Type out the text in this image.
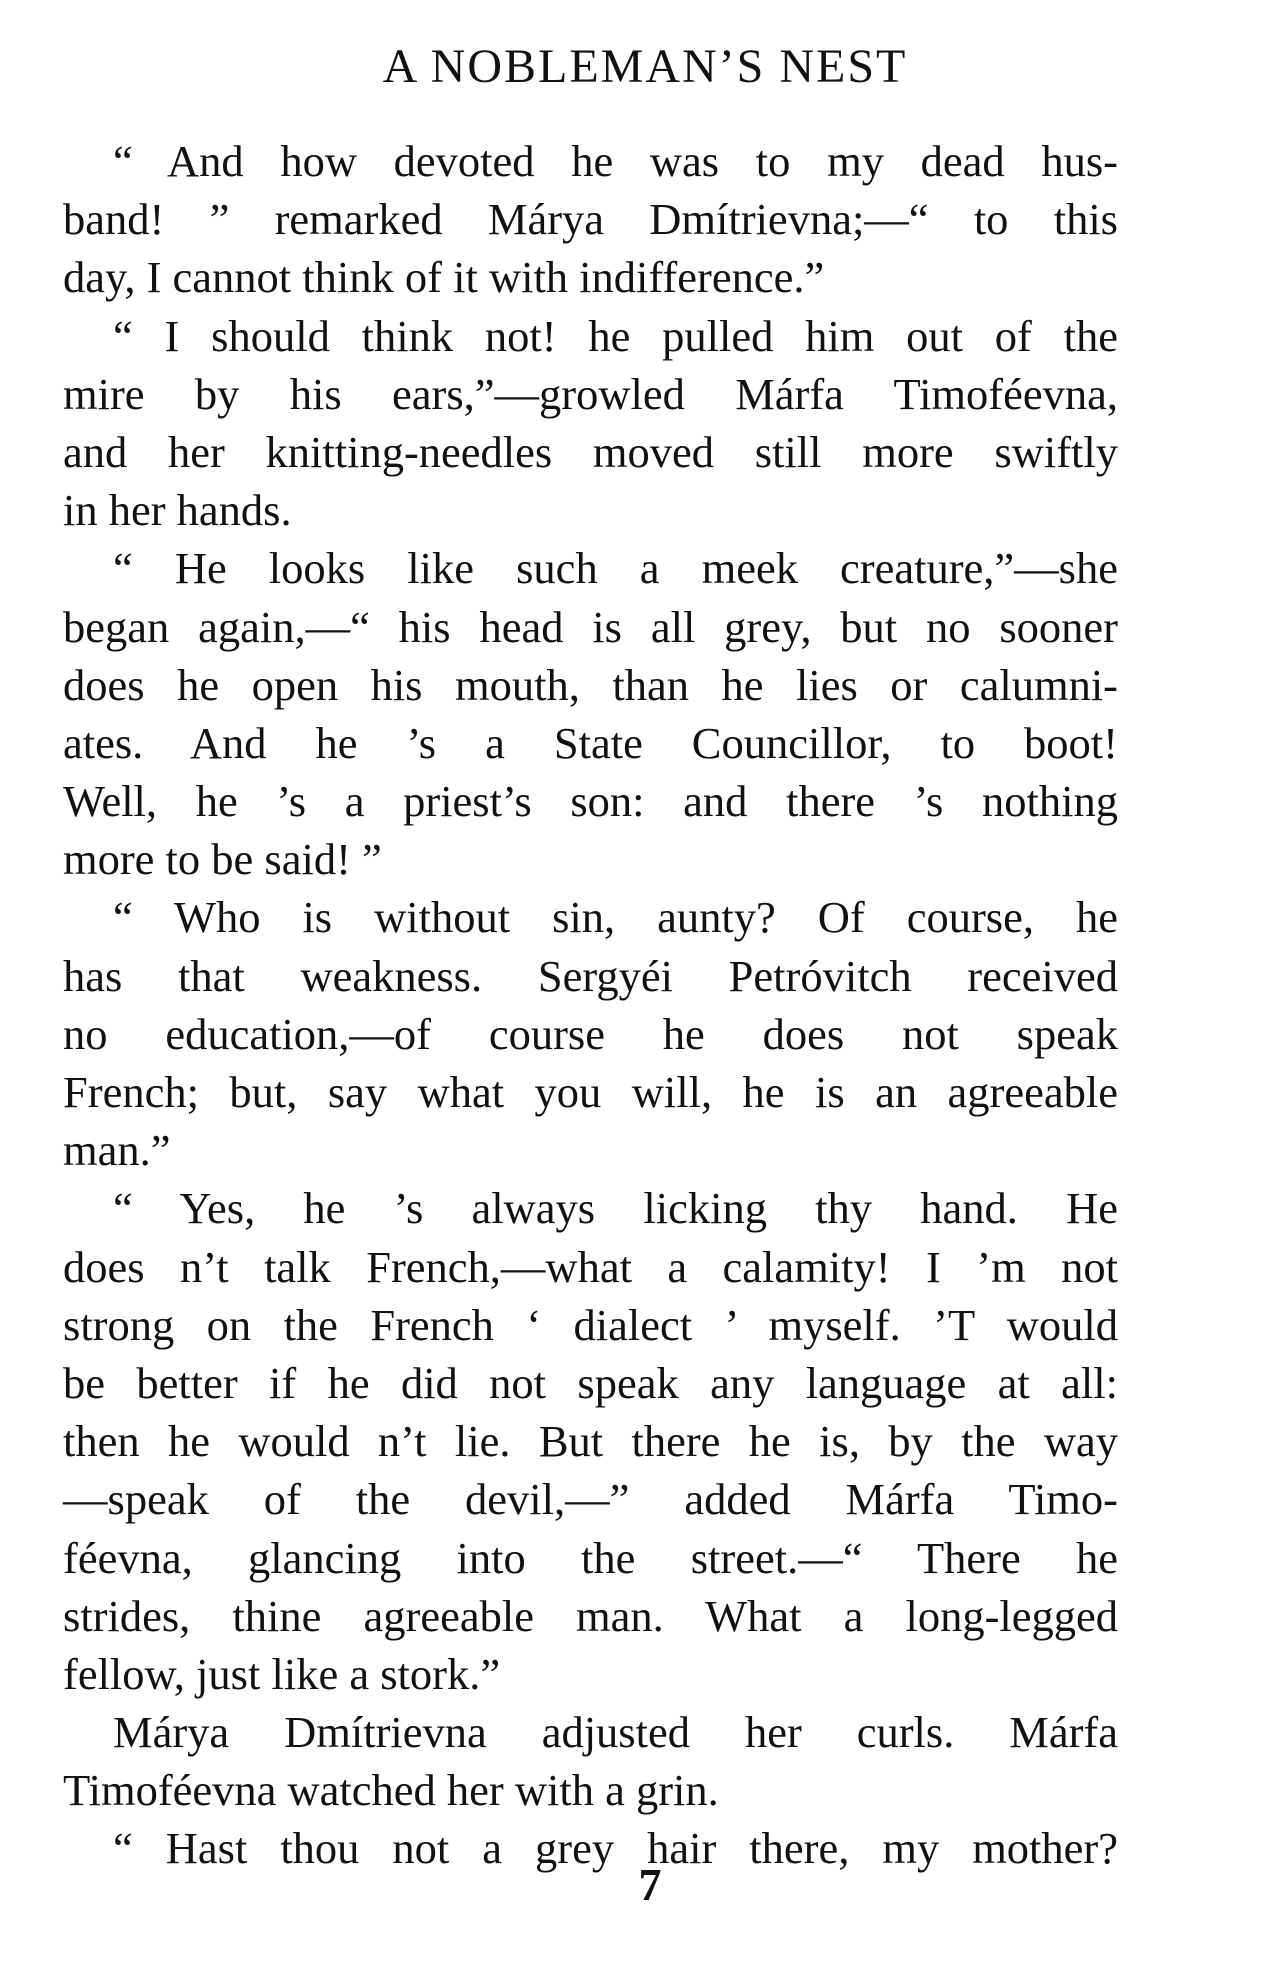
A NOBLEMAN’S NEST
“ And how devoted he was to my dead hus-
band! ” remarked Márya Dmítrievna;—“ to this
day, I cannot think of it with indifference.”
“ I should think not! he pulled him out of the
mire by his ears,”—growled Márfa Timoféevna,
and her knitting-needles moved still more swiftly
in her hands.
“ He looks like such a meek creature,”—she
began again,—“ his head is all grey, but no sooner
does he open his mouth, than he lies or calumni-
ates. And he ’s a State Councillor, to boot!
Well, he ’s a priest’s son: and there ’s nothing
more to be said! ”
“ Who is without sin, aunty? Of course, he
has that weakness. Sergyéi Petróvitch received
no education,—of course he does not speak
French; but, say what you will, he is an agreeable
man.”
“ Yes, he ’s always licking thy hand. He
does n’t talk French,—what a calamity! I ’m not
strong on the French ‘ dialect ’ myself. ’T would
be better if he did not speak any language at all:
then he would n’t lie. But there he is, by the way
—speak of the devil,—” added Márfa Timo-
féevna, glancing into the street.—“ There he
strides, thine agreeable man. What a long-legged
fellow, just like a stork.”
Márya Dmítrievna adjusted her curls. Márfa
Timoféevna watched her with a grin.
“ Hast thou not a grey hair there, my mother?
7
